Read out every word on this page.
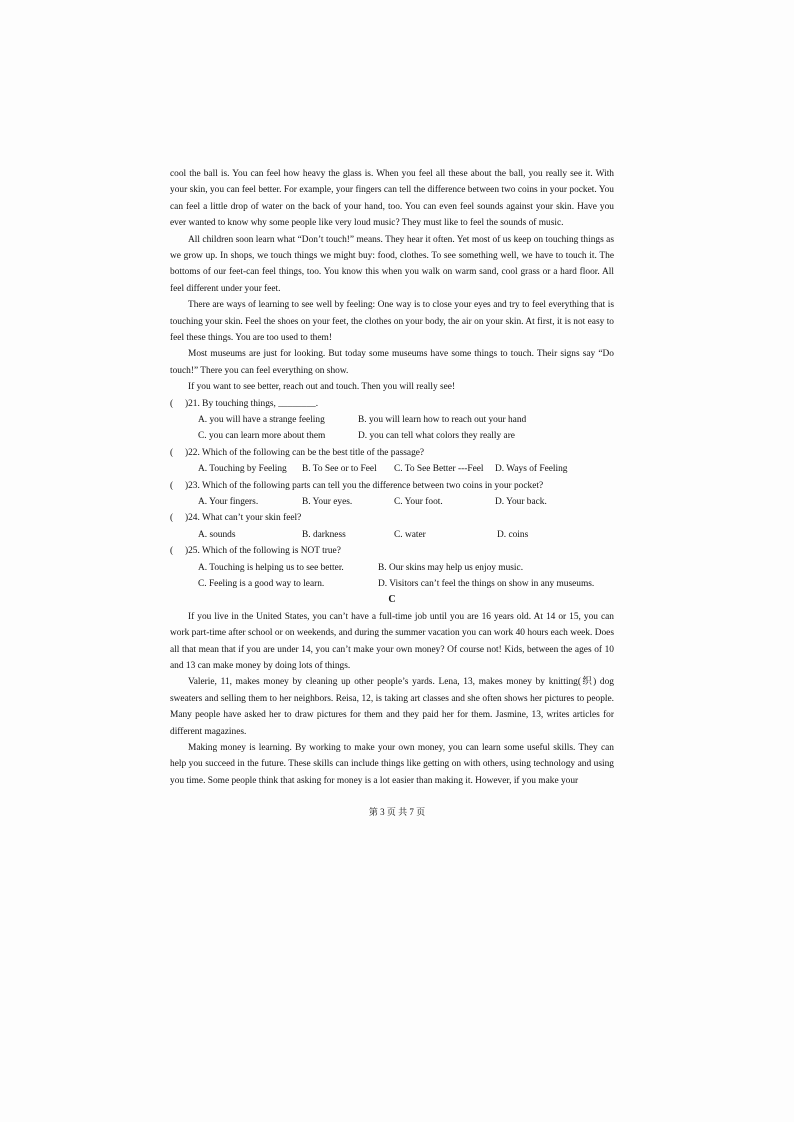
cool the ball is. You can feel how heavy the glass is. When you feel all these about the ball, you really see it. With your skin, you can feel better. For example, your fingers can tell the difference between two coins in your pocket. You can feel a little drop of water on the back of your hand, too. You can even feel sounds against your skin. Have you ever wanted to know why some people like very loud music? They must like to feel the sounds of music.

All children soon learn what “Don’t touch!” means. They hear it often. Yet most of us keep on touching things as we grow up. In shops, we touch things we might buy: food, clothes. To see something well, we have to touch it. The bottoms of our feet-can feel things, too. You know this when you walk on warm sand, cool grass or a hard floor. All feel different under your feet.

There are ways of learning to see well by feeling: One way is to close your eyes and try to feel everything that is touching your skin. Feel the shoes on your feet, the clothes on your body, the air on your skin. At first, it is not easy to feel these things. You are too used to them!

Most museums are just for looking. But today some museums have some things to touch. Their signs say “Do touch!” There you can feel everything on show.

If you want to see better, reach out and touch. Then you will really see!

( )21. By touching things, ________.
A. you will have a strange feeling	B. you will learn how to reach out your hand
C. you can learn more about them	D. you can tell what colors they really are
( )22. Which of the following can be the best title of the passage?
A. Touching by Feeling B. To See or to Feel C. To See Better ---Feel D. Ways of Feeling
( )23. Which of the following parts can tell you the difference between two coins in your pocket?
A. Your fingers.	B. Your eyes.	C. Your foot.	D. Your back.
( )24. What can’t your skin feel?
A. sounds	B. darkness	C. water	D. coins
( )25. Which of the following is NOT true?
A. Touching is helping us to see better.	B. Our skins may help us enjoy music.
C. Feeling is a good way to learn.	D. Visitors can’t feel the things on show in any museums.
C

If you live in the United States, you can’t have a full-time job until you are 16 years old. At 14 or 15, you can work part-time after school or on weekends, and during the summer vacation you can work 40 hours each week. Does all that mean that if you are under 14, you can’t make your own money? Of course not! Kids, between the ages of 10 and 13 can make money by doing lots of things.

Valerie, 11, makes money by cleaning up other people’s yards. Lena, 13, makes money by knitting(织) dog sweaters and selling them to her neighbors. Reisa, 12, is taking art classes and she often shows her pictures to people. Many people have asked her to draw pictures for them and they paid her for them. Jasmine, 13, writes articles for different magazines.

Making money is learning. By working to make your own money, you can learn some useful skills. They can help you succeed in the future. These skills can include things like getting on with others, using technology and using you time. Some people think that asking for money is a lot easier than making it. However, if you make your

第 3 页 共 7 页
